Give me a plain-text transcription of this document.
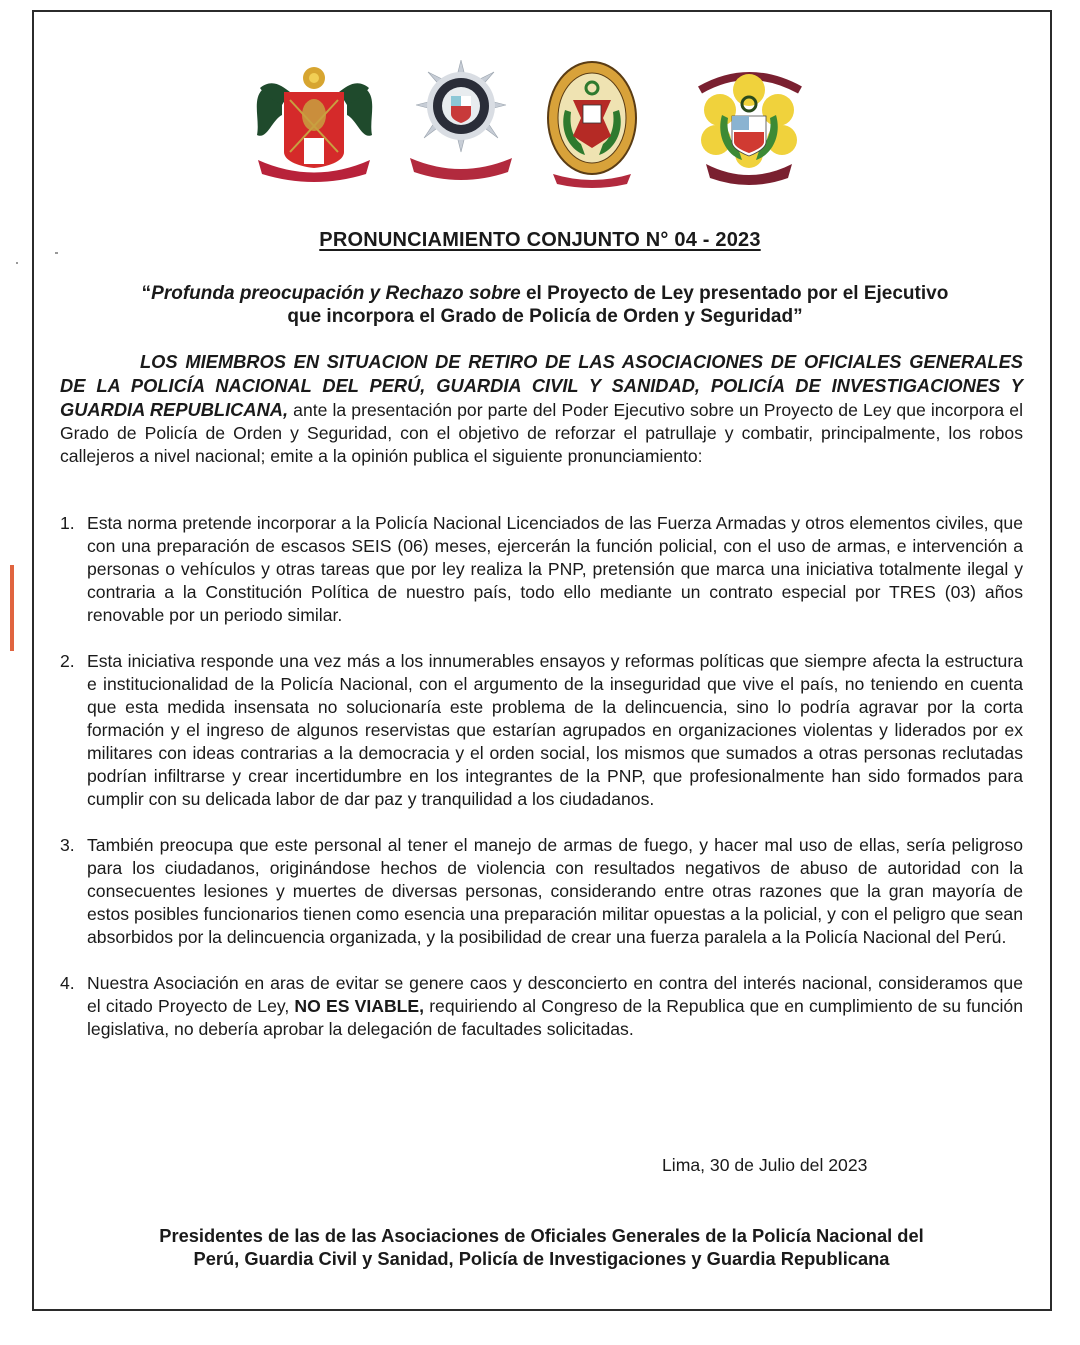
PRONUNCIAMIENTO CONJUNTO N° 04 - 2023
“Profunda preocupación y Rechazo sobre el Proyecto de Ley presentado por el Ejecutivo
que incorpora el Grado de Policía de Orden y Seguridad”
LOS MIEMBROS EN SITUACION DE RETIRO DE LAS ASOCIACIONES DE OFICIALES GENERALES DE LA POLICÍA NACIONAL DEL PERÚ, GUARDIA CIVIL Y SANIDAD, POLICÍA DE INVESTIGACIONES Y GUARDIA REPUBLICANA, ante la presentación por parte del Poder Ejecutivo sobre un Proyecto de Ley que incorpora el Grado de Policía de Orden y Seguridad, con el objetivo de reforzar el patrullaje y combatir, principalmente, los robos callejeros a nivel nacional; emite a la opinión publica el siguiente pronunciamiento:
1. Esta norma pretende incorporar a la Policía Nacional Licenciados de las Fuerza Armadas y otros elementos civiles, que con una preparación de escasos SEIS (06) meses, ejercerán la función policial, con el uso de armas, e intervención a personas o vehículos y otras tareas que por ley realiza la PNP, pretensión que marca una iniciativa totalmente ilegal y contraria a la Constitución Política de nuestro país, todo ello mediante un contrato especial por TRES (03) años renovable por un periodo similar.
2. Esta iniciativa responde una vez más a los innumerables ensayos y reformas políticas que siempre afecta la estructura e institucionalidad de la Policía Nacional, con el argumento de la inseguridad que vive el país, no teniendo en cuenta que esta medida insensata no solucionaría este problema de la delincuencia, sino lo podría agravar por la corta formación y el ingreso de algunos reservistas que estarían agrupados en organizaciones violentas y liderados por ex militares con ideas contrarias a la democracia y el orden social, los mismos que sumados a otras personas reclutadas podrían infiltrarse y crear incertidumbre en los integrantes de la PNP, que profesionalmente han sido formados para cumplir con su delicada labor de dar paz y tranquilidad a los ciudadanos.
3. También preocupa que este personal al tener el manejo de armas de fuego, y hacer mal uso de ellas, sería peligroso para los ciudadanos, originándose hechos de violencia con resultados negativos de abuso de autoridad con la consecuentes lesiones y muertes de diversas personas, considerando entre otras razones que la gran mayoría de estos posibles funcionarios tienen como esencia una preparación militar opuestas a la policial, y con el peligro que sean absorbidos por la delincuencia organizada, y la posibilidad de crear una fuerza paralela a la Policía Nacional del Perú.
4. Nuestra Asociación en aras de evitar se genere caos y desconcierto en contra del interés nacional, consideramos que el citado Proyecto de Ley, NO ES VIABLE, requiriendo al Congreso de la Republica que en cumplimiento de su función legislativa, no debería aprobar la delegación de facultades solicitadas.
Lima, 30 de Julio del 2023
Presidentes de las de las Asociaciones de Oficiales Generales de la Policía Nacional del
Perú, Guardia Civil y Sanidad, Policía de Investigaciones y Guardia Republicana
